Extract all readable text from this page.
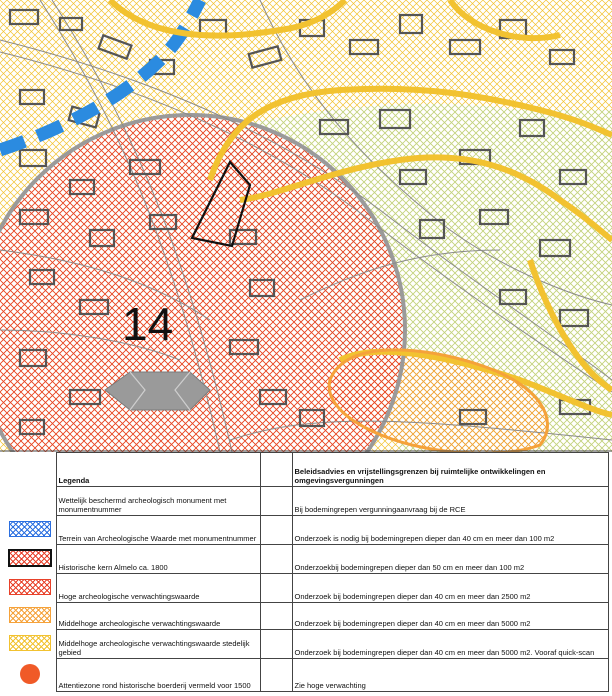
14
	Legenda		Beleidsadvies en vrijstellingsgrenzen bij ruimtelijke ontwikkelingen en omgevingsvergunningen
	Wettelijk beschermd archeologisch monument met monumentnummer		Bij bodemingrepen vergunningaanvraag bij de RCE
	Terrein van Archeologische Waarde met monumentnummer		Onderzoek is nodig bij bodemingrepen dieper dan 40 cm en meer dan 100 m2
	Historische kern Almelo ca. 1800		Onderzoekbij bodemingrepen dieper dan 50 cm en meer dan 100 m2
	Hoge archeologische verwachtingswaarde		Onderzoek bij bodemingrepen dieper dan 40 cm en meer dan 2500 m2
	Middelhoge archeologische verwachtingswaarde		Onderzoek bij bodemingrepen dieper dan 40 cm en meer dan 5000 m2
	Middelhoge archeologische verwachtingswaarde stedelijk gebied		Onderzoek bij bodemingrepen dieper dan 40 cm en meer dan 5000 m2. Vooraf quick-scan
	Attentiezone rond historische boerderij vermeld voor 1500		Zie hoge verwachting
